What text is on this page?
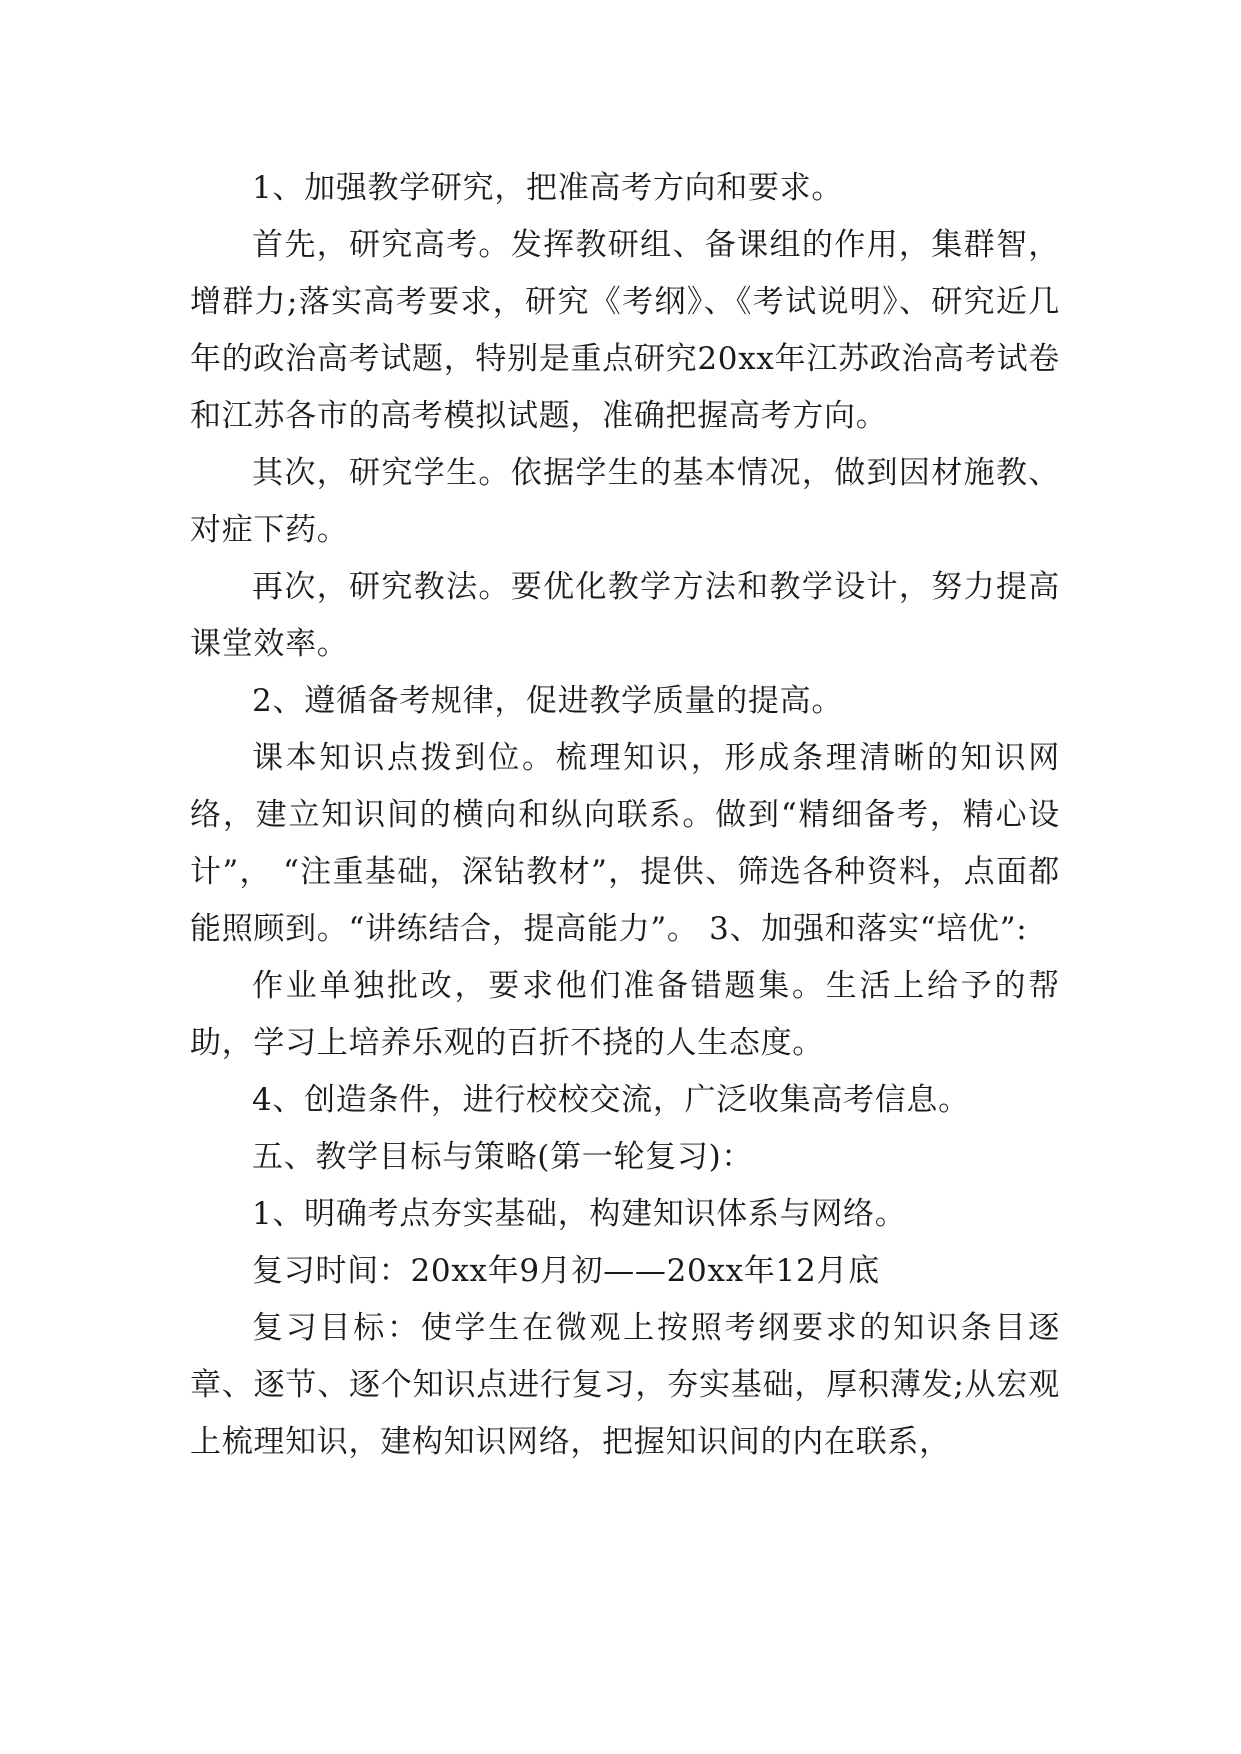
1、加强教学研究，把准高考方向和要求。

首先，研究高考。发挥教研组、备课组的作用，集群智，增群力;落实高考要求，研究《考纲》、《考试说明》、研究近几年的政治高考试题，特别是重点研究20xx年江苏政治高考试卷和江苏各市的高考模拟试题，准确把握高考方向。

其次，研究学生。依据学生的基本情况，做到因材施教、对症下药。

再次，研究教法。要优化教学方法和教学设计，努力提高课堂效率。

2、遵循备考规律，促进教学质量的提高。

课本知识点拨到位。梳理知识，形成条理清晰的知识网络，建立知识间的横向和纵向联系。做到“精细备考，精心设计”， “注重基础，深钻教材”，提供、筛选各种资料，点面都能照顾到。“讲练结合，提高能力”。 3、加强和落实“培优”:

作业单独批改，要求他们准备错题集。生活上给予的帮助，学习上培养乐观的百折不挠的人生态度。

4、创造条件，进行校校交流，广泛收集高考信息。

五、教学目标与策略(第一轮复习)：

1、明确考点夯实基础，构建知识体系与网络。

复习时间：20xx年9月初——20xx年12月底

复习目标：使学生在微观上按照考纲要求的知识条目逐章、逐节、逐个知识点进行复习，夯实基础，厚积薄发;从宏观上梳理知识，建构知识网络，把握知识间的内在联系，
